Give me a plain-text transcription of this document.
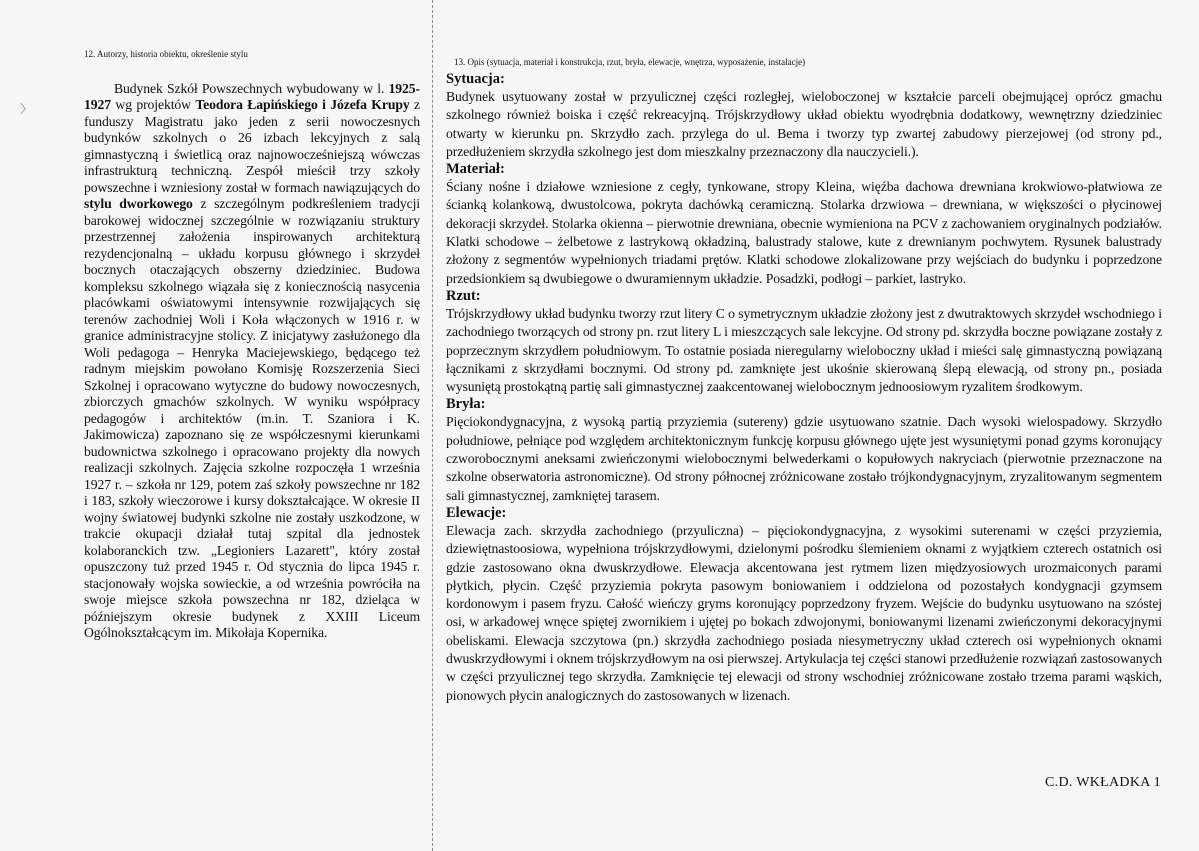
〉
12. Autorzy, historia obiektu, określenie stylu

Budynek Szkół Powszechnych wybudowany w l. 1925-1927 wg projektów Teodora Łapińskiego i Józefa Krupy z funduszy Magistratu jako jeden z serii nowoczesnych budynków szkolnych o 26 izbach lekcyjnych z salą gimnastyczną i świetlicą oraz najnowocześniejszą wówczas infrastrukturą techniczną. Zespół mieścił trzy szkoły powszechne i wzniesiony został w formach nawiązujących do stylu dworkowego z szczególnym podkreśleniem tradycji barokowej widocznej szczególnie w rozwiązaniu struktury przestrzennej założenia inspirowanych architekturą rezydencjonalną – układu korpusu głównego i skrzydeł bocznych otaczających obszerny dziedziniec. Budowa kompleksu szkolnego wiązała się z koniecznością nasycenia placówkami oświatowymi intensywnie rozwijających się terenów zachodniej Woli i Koła włączonych w 1916 r. w granice administracyjne stolicy. Z inicjatywy zasłużonego dla Woli pedagoga – Henryka Maciejewskiego, będącego też radnym miejskim powołano Komisję Rozszerzenia Sieci Szkolnej i opracowano wytyczne do budowy nowoczesnych, zbiorczych gmachów szkolnych. W wyniku współpracy pedagogów i architektów (m.in. T. Szaniora i K. Jakimowicza) zapoznano się ze współczesnymi kierunkami budownictwa szkolnego i opracowano projekty dla nowych realizacji szkolnych. Zajęcia szkolne rozpoczęła 1 września 1927 r. – szkoła nr 129, potem zaś szkoły powszechne nr 182 i 183, szkoły wieczorowe i kursy dokształcające. W okresie II wojny światowej budynki szkolne nie zostały uszkodzone, w trakcie okupacji działał tutaj szpital dla jednostek kolaboranckich tzw. „Legioniers Lazarett", który został opuszczony tuż przed 1945 r. Od stycznia do lipca 1945 r. stacjonowały wojska sowieckie, a od września powróciła na swoje miejsce szkoła powszechna nr 182, dzieląca w późniejszym okresie budynek z XXIII Liceum Ogólnokształcącym im. Mikołaja Kopernika.

13. Opis (sytuacja, materiał i konstrukcja, rzut, bryła, elewacje, wnętrza, wyposażenie, instalacje)

Sytuacja:

Budynek usytuowany został w przyulicznej części rozległej, wieloboczonej w kształcie parceli obejmującej oprócz gmachu szkolnego również boiska i część rekreacyjną. Trójskrzydłowy układ obiektu wyodrębnia dodatkowy, wewnętrzny dziedziniec otwarty w kierunku pn. Skrzydło zach. przylega do ul. Bema i tworzy typ zwartej zabudowy pierzejowej (od strony pd., przedłużeniem skrzydła szkolnego jest dom mieszkalny przeznaczony dla nauczycieli.).

Materiał:

Ściany nośne i działowe wzniesione z cegły, tynkowane, stropy Kleina, więźba dachowa drewniana krokwiowo-płatwiowa ze ścianką kolankową, dwustolcowa, pokryta dachówką ceramiczną. Stolarka drzwiowa – drewniana, w większości o płycinowej dekoracji skrzydeł. Stolarka okienna – pierwotnie drewniana, obecnie wymieniona na PCV z zachowaniem oryginalnych podziałów. Klatki schodowe – żelbetowe z lastrykową okładziną, balustrady stalowe, kute z drewnianym pochwytem. Rysunek balustrady złożony z segmentów wypełnionych triadami prętów. Klatki schodowe zlokalizowane przy wejściach do budynku i poprzedzone przedsionkiem są dwubiegowe o dwuramiennym układzie. Posadzki, podłogi – parkiet, lastryko.

Rzut:

Trójskrzydłowy układ budynku tworzy rzut litery C o symetrycznym układzie złożony jest z dwutraktowych skrzydeł wschodniego i zachodniego tworzących od strony pn. rzut litery L i mieszczących sale lekcyjne. Od strony pd. skrzydła boczne powiązane zostały z poprzecznym skrzydłem południowym. To ostatnie posiada nieregularny wieloboczny układ i mieści salę gimnastyczną powiązaną łącznikami z skrzydłami bocznymi. Od strony pd. zamknięte jest ukośnie skierowaną ślepą elewacją, od strony pn., posiada wysuniętą prostokątną partię sali gimnastycznej zaakcentowanej wielobocznym jednoosiowym ryzalitem środkowym.

Bryła:

Pięciokondygnacyjna, z wysoką partią przyziemia (sutereny) gdzie usytuowano szatnie. Dach wysoki wielospadowy. Skrzydło południowe, pełniące pod względem architektonicznym funkcję korpusu głównego ujęte jest wysuniętymi ponad gzyms koronujący czworobocznymi aneksami zwieńczonymi wielobocznymi belwederkami o kopułowych nakryciach (pierwotnie przeznaczone na szkolne obserwatoria astronomiczne). Od strony północnej zróżnicowane zostało trójkondygnacyjnym, zryzalitowanym segmentem sali gimnastycznej, zamkniętej tarasem.

Elewacje:

Elewacja zach. skrzydła zachodniego (przyuliczna) – pięciokondygnacyjna, z wysokimi suterenami w części przyziemia, dziewiętnastoosiowa, wypełniona trójskrzydłowymi, dzielonymi pośrodku ślemieniem oknami z wyjątkiem czterech ostatnich osi gdzie zastosowano okna dwuskrzydłowe. Elewacja akcentowana jest rytmem lizen międzyosiowych urozmaiconych parami płytkich, płycin. Część przyziemia pokryta pasowym boniowaniem i oddzielona od pozostałych kondygnacji gzymsem kordonowym i pasem fryzu. Całość wieńczy gryms koronujący poprzedzony fryzem. Wejście do budynku usytuowano na szóstej osi, w arkadowej wnęce spiętej zwornikiem i ujętej po bokach zdwojonymi, boniowanymi lizenami zwieńczonymi dekoracyjnymi obeliskami. Elewacja szczytowa (pn.) skrzydła zachodniego posiada niesymetryczny układ czterech osi wypełnionych oknami dwuskrzydłowymi i oknem trójskrzydłowym na osi pierwszej. Artykulacja tej części stanowi przedłużenie rozwiązań zastosowanych w części przyulicznej tego skrzydła. Zamknięcie tej elewacji od strony wschodniej zróżnicowane zostało trzema parami wąskich, pionowych płycin analogicznych do zastosowanych w lizenach.

C.D. WKŁADKA 1
